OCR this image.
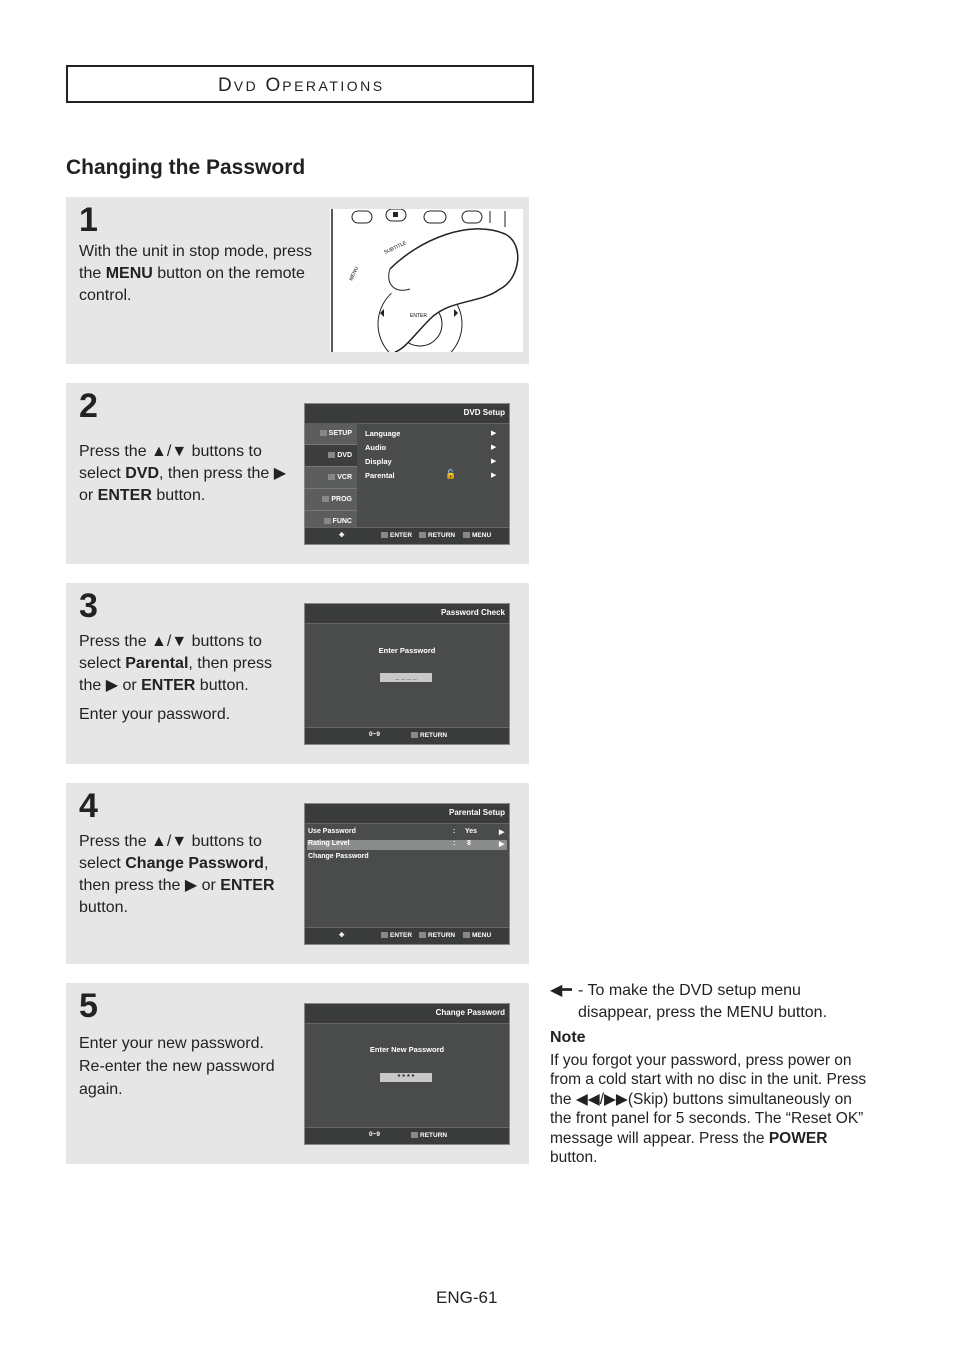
DVD OPERATIONS
Changing the Password
1
With the unit in stop mode, press the MENU button on the remote control.
SUBTITLE
MENU
ENTER
2
Press the ▲/▼ buttons to select DVD, then press the ▶ or ENTER button.
DVD Setup
SETUP
DVD
VCR
PROG
FUNC
Language	▶
Audio	▶
Display	▶
Parental	🔓	▶
✥	ENTER	RETURN	MENU
3

Press the ▲/▼ buttons to select Parental, then press the ▶ or ENTER button.

Enter your password.

Password Check
Enter Password
_ _ _ _
0~9	RETURN
4
Press the ▲/▼ buttons to select Change Password, then press the ▶ or ENTER button.
Parental Setup
Use Password	: Yes	▶
Rating Level	: 8	▶
Change Password
✥	ENTER	RETURN	MENU
5
Enter your new password. Re-enter the new password again.
Change Password
Enter New Password
* * * *
0~9	RETURN
◀━ - To make the DVD setup menu disappear, press the MENU button.
Note
If you forgot your password, press power on from a cold start with no disc in the unit. Press the ◀◀/▶▶(Skip) buttons simultaneously on the front panel for 5 seconds. The “Reset OK” message will appear. Press the POWER button.
ENG-61
